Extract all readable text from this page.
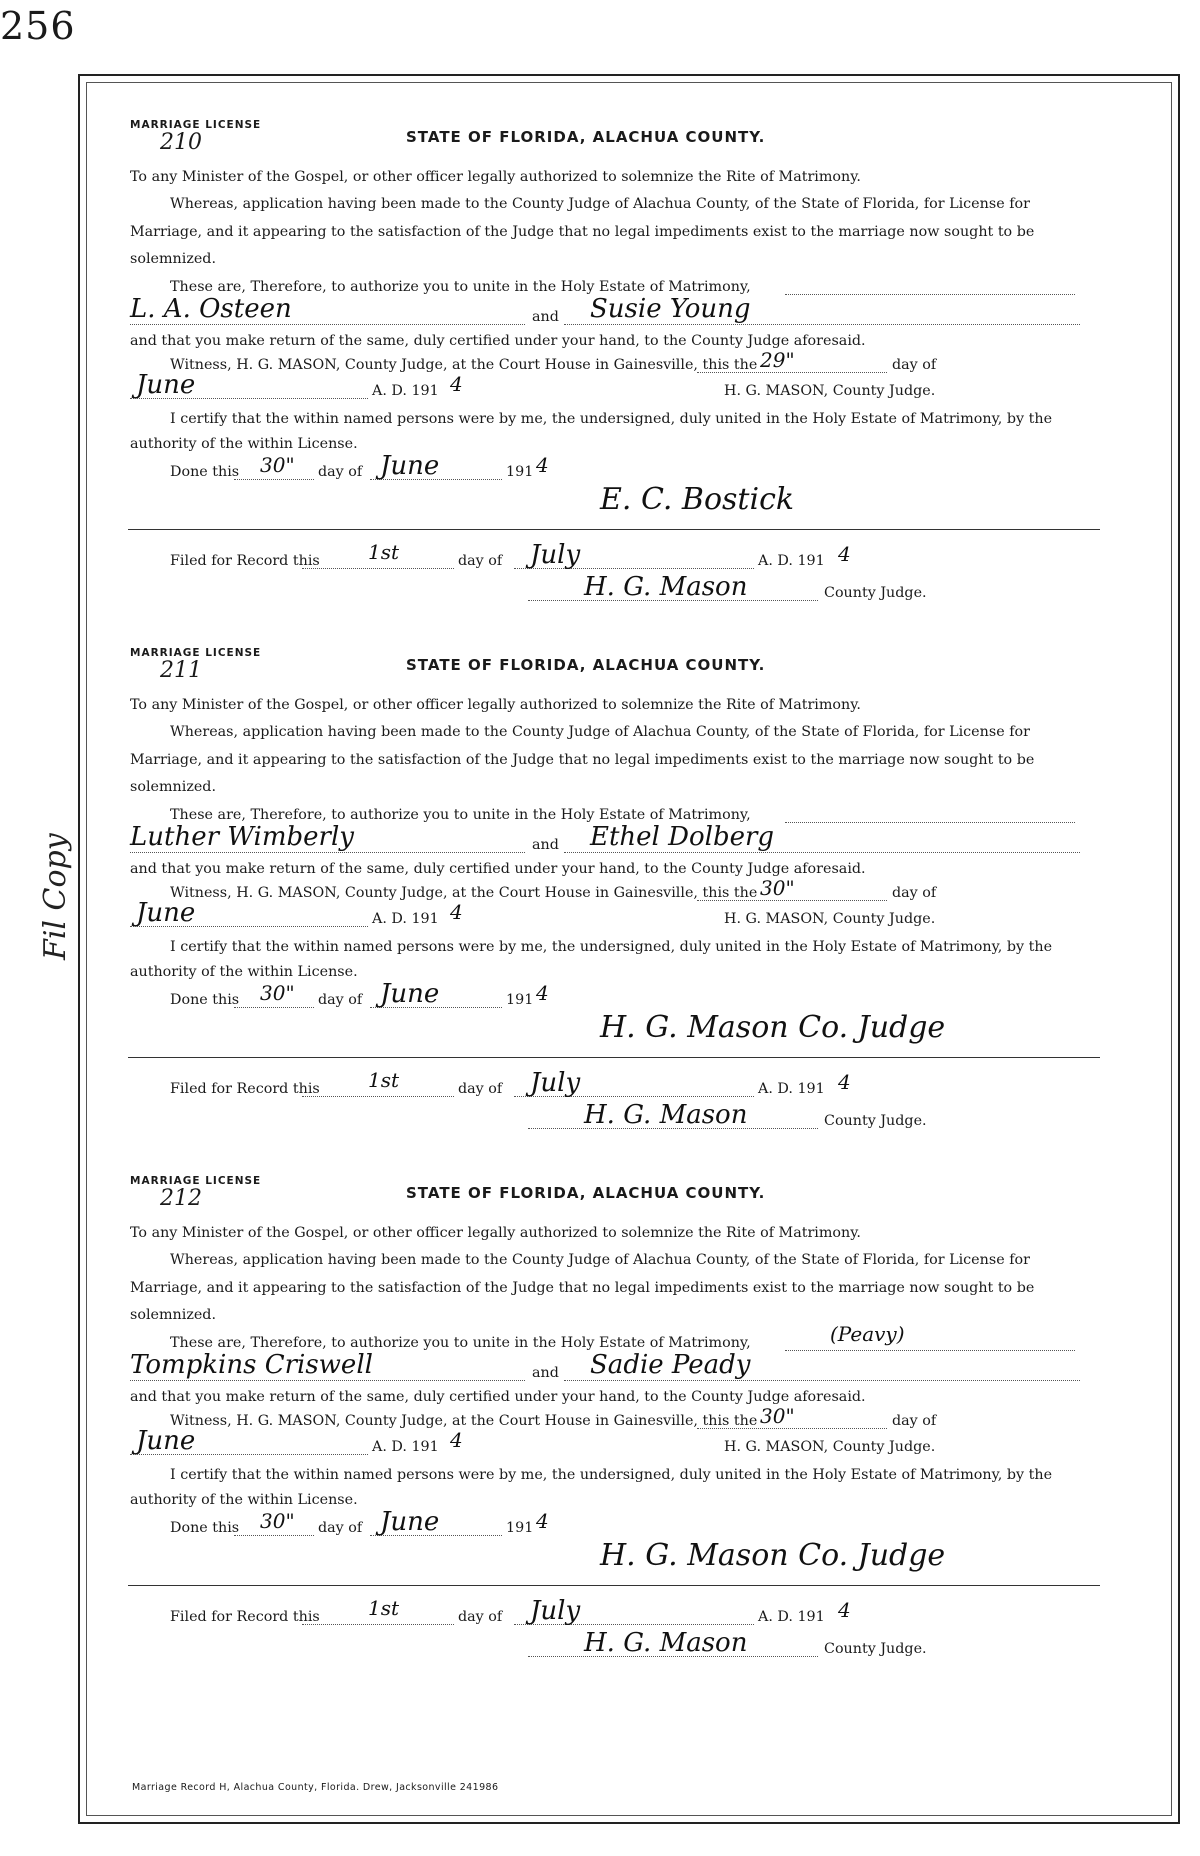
256
Fil Copy
MARRIAGE LICENSE
210	STATE OF FLORIDA, ALACHUA COUNTY.

To any Minister of the Gospel, or other officer legally authorized to solemnize the Rite of Matrimony.

Whereas, application having been made to the County Judge of Alachua County, of the State of Florida, for License for

Marriage, and it appearing to the satisfaction of the Judge that no legal impediments exist to the marriage now sought to be

solemnized.

These are, Therefore, to authorize you to unite in the Holy Estate of Matrimony,
L. A. Osteen	and Susie Young

and that you make return of the same, duly certified under your hand, to the County Judge aforesaid.

Witness, H. G. MASON, County Judge, at the Court House in Gainesville, this the 29"	day of
June	A. D. 191 4	H. G. MASON, County Judge.

I certify that the within named persons were by me, the undersigned, duly united in the Holy Estate of Matrimony, by the

authority of the within License.

Done this 30" day of June	191 4
E. C. Bostick
Filed for Record this 1st	day of July	A. D. 191 4
H. G. Mason	County Judge.
MARRIAGE LICENSE
211	STATE OF FLORIDA, ALACHUA COUNTY.

To any Minister of the Gospel, or other officer legally authorized to solemnize the Rite of Matrimony.

Whereas, application having been made to the County Judge of Alachua County, of the State of Florida, for License for

Marriage, and it appearing to the satisfaction of the Judge that no legal impediments exist to the marriage now sought to be

solemnized.

These are, Therefore, to authorize you to unite in the Holy Estate of Matrimony,
Luther Wimberly	and Ethel Dolberg

and that you make return of the same, duly certified under your hand, to the County Judge aforesaid.

Witness, H. G. MASON, County Judge, at the Court House in Gainesville, this the 30"	day of
June	A. D. 191 4	H. G. MASON, County Judge.

I certify that the within named persons were by me, the undersigned, duly united in the Holy Estate of Matrimony, by the

authority of the within License.

Done this 30" day of June	191 4
H. G. Mason Co. Judge
Filed for Record this 1st	day of July	A. D. 191 4
H. G. Mason	County Judge.
MARRIAGE LICENSE
212	STATE OF FLORIDA, ALACHUA COUNTY.

To any Minister of the Gospel, or other officer legally authorized to solemnize the Rite of Matrimony.

Whereas, application having been made to the County Judge of Alachua County, of the State of Florida, for License for

Marriage, and it appearing to the satisfaction of the Judge that no legal impediments exist to the marriage now sought to be

solemnized.

These are, Therefore, to authorize you to unite in the Holy Estate of Matrimony,	(Peavy)
Tompkins Criswell	and Sadie Peady

and that you make return of the same, duly certified under your hand, to the County Judge aforesaid.

Witness, H. G. MASON, County Judge, at the Court House in Gainesville, this the 30"	day of
June	A. D. 191 4	H. G. MASON, County Judge.

I certify that the within named persons were by me, the undersigned, duly united in the Holy Estate of Matrimony, by the

authority of the within License.

Done this 30" day of June	191 4
H. G. Mason Co. Judge
Filed for Record this 1st	day of July	A. D. 191 4
H. G. Mason	County Judge.
Marriage Record H, Alachua County, Florida. Drew, Jacksonville 241986
